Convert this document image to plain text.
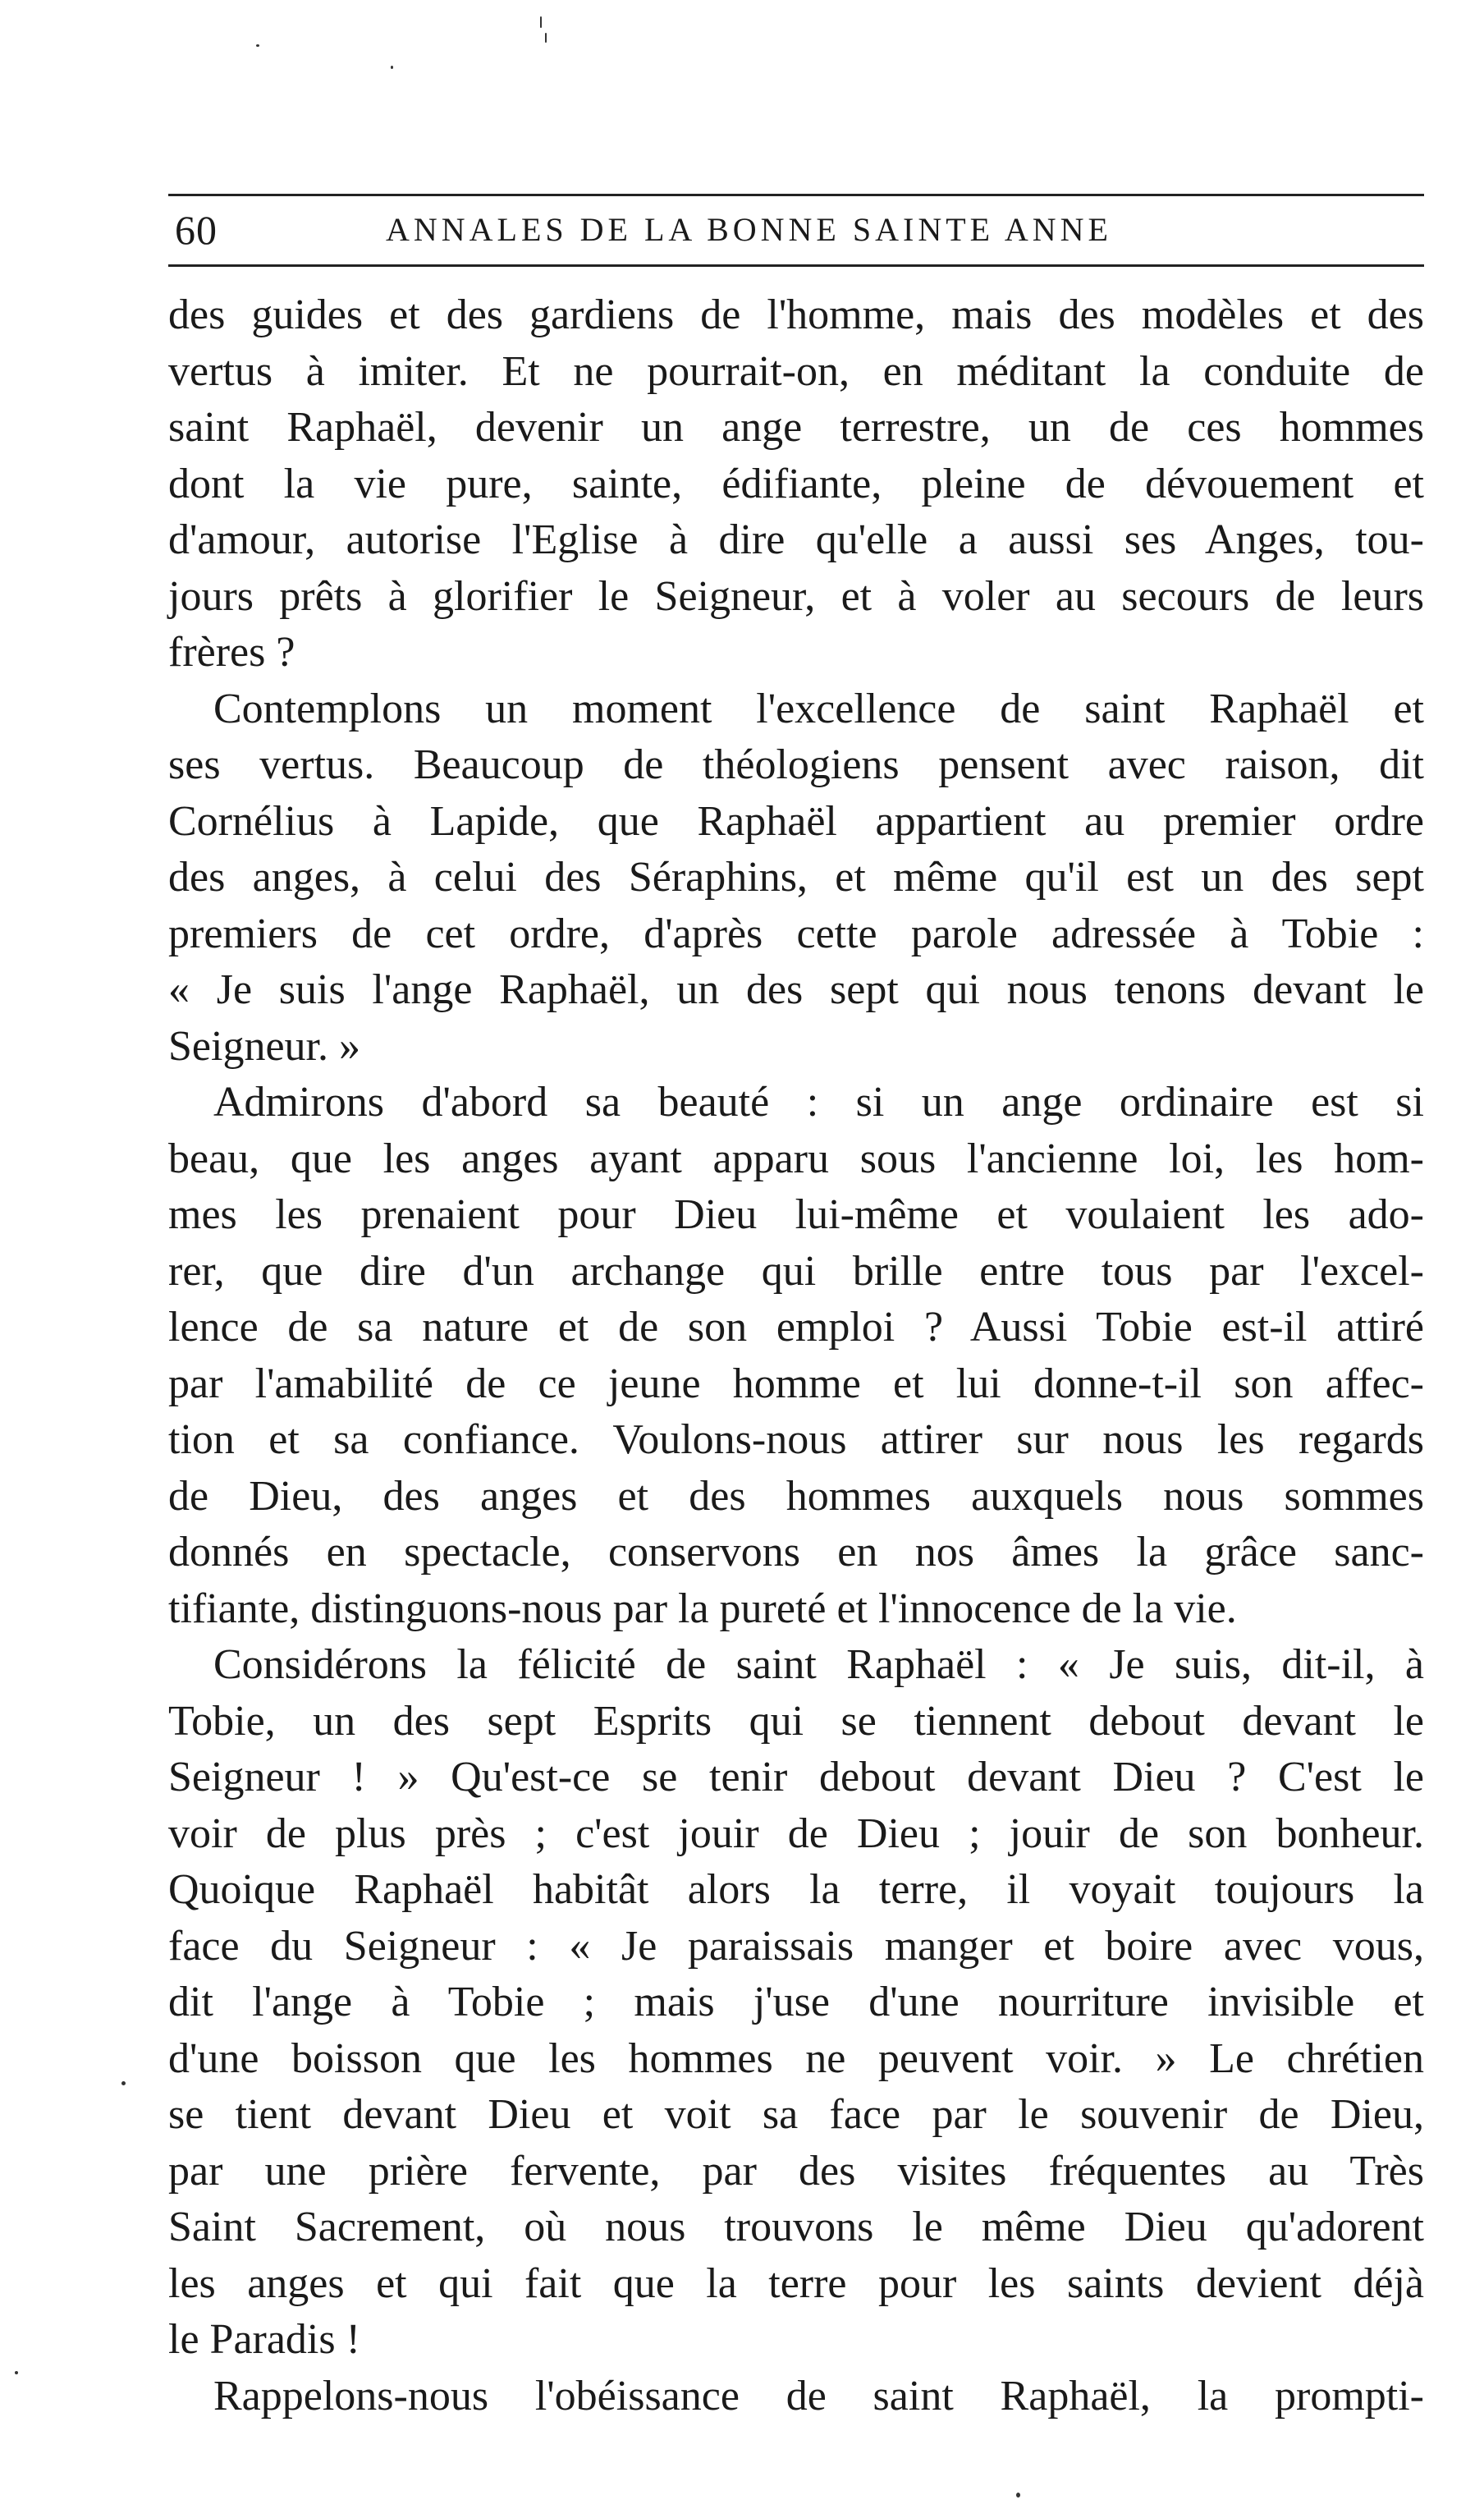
60	ANNALES DE LA BONNE SAINTE ANNE
des guides et des gardiens de l'homme, mais des modèles et des
vertus à imiter. Et ne pourrait-on, en méditant la conduite de
saint Raphaël, devenir un ange terrestre, un de ces hommes
dont la vie pure, sainte, édifiante, pleine de dévouement et
d'amour, autorise l'Eglise à dire qu'elle a aussi ses Anges, tou-
jours prêts à glorifier le Seigneur, et à voler au secours de leurs
frères ?
Contemplons un moment l'excellence de saint Raphaël et
ses vertus. Beaucoup de théologiens pensent avec raison, dit
Cornélius à Lapide, que Raphaël appartient au premier ordre
des anges, à celui des Séraphins, et même qu'il est un des sept
premiers de cet ordre, d'après cette parole adressée à Tobie :
« Je suis l'ange Raphaël, un des sept qui nous tenons devant le
Seigneur. »
Admirons d'abord sa beauté : si un ange ordinaire est si
beau, que les anges ayant apparu sous l'ancienne loi, les hom-
mes les prenaient pour Dieu lui-même et voulaient les ado-
rer, que dire d'un archange qui brille entre tous par l'excel-
lence de sa nature et de son emploi ? Aussi Tobie est-il attiré
par l'amabilité de ce jeune homme et lui donne-t-il son affec-
tion et sa confiance. Voulons-nous attirer sur nous les regards
de Dieu, des anges et des hommes auxquels nous sommes
donnés en spectacle, conservons en nos âmes la grâce sanc-
tifiante, distinguons-nous par la pureté et l'innocence de la vie.
Considérons la félicité de saint Raphaël : « Je suis, dit-il, à
Tobie, un des sept Esprits qui se tiennent debout devant le
Seigneur ! » Qu'est-ce se tenir debout devant Dieu ? C'est le
voir de plus près ; c'est jouir de Dieu ; jouir de son bonheur.
Quoique Raphaël habitât alors la terre, il voyait toujours la
face du Seigneur : « Je paraissais manger et boire avec vous,
dit l'ange à Tobie ; mais j'use d'une nourriture invisible et
d'une boisson que les hommes ne peuvent voir. » Le chrétien
se tient devant Dieu et voit sa face par le souvenir de Dieu,
par une prière fervente, par des visites fréquentes au Très
Saint Sacrement, où nous trouvons le même Dieu qu'adorent
les anges et qui fait que la terre pour les saints devient déjà
le Paradis !
Rappelons-nous l'obéissance de saint Raphaël, la prompti-
